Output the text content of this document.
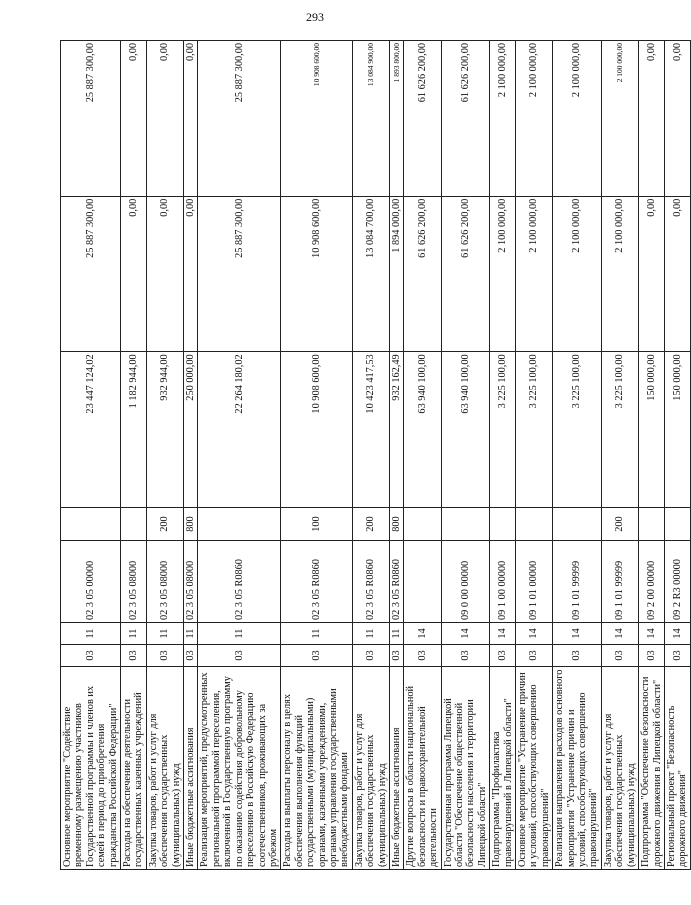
293
Основное мероприятие "Содействие временному размещению участников Государственной программы и членов их семей в период до приобретения гражданства Российской Федерации"	03	11	02 3 05 00000		23 447 124,02	25 887 300,00	25 887 300,00
Расходы на обеспечение деятельности государственных казенных учреждений	03	11	02 3 05 08000		1 182 944,00	0,00	0,00
Закупка товаров, работ и услуг для обеспечения государственных (муниципальных) нужд	03	11	02 3 05 08000	200	932 944,00	0,00	0,00
Иные бюджетные ассигнования	03	11	02 3 05 08000	800	250 000,00	0,00	0,00
Реализация мероприятий, предусмотренных региональной программой переселения, включенной в Государственную программу по оказанию содействия добровольному переселению в Российскую Федерацию соотечественников, проживающих за рубежом	03	11	02 3 05 R0860		22 264 180,02	25 887 300,00	25 887 300,00
Расходы на выплаты персоналу в целях обеспечения выполнения функций государственными (муниципальными) органами, казенными учреждениями, органами управления государственными внебюджетными фондами	03	11	02 3 05 R0860	100	10 908 600,00	10 908 600,00	10 908 600,00
Закупка товаров, работ и услуг для обеспечения государственных (муниципальных) нужд	03	11	02 3 05 R0860	200	10 423 417,53	13 084 700,00	13 084 900,00
Иные бюджетные ассигнования	03	11	02 3 05 R0860	800	932 162,49	1 894 000,00	1 893 800,00
Другие вопросы в области национальной безопасности и правоохранительной деятельности	03	14			63 940 100,00	61 626 200,00	61 626 200,00
Государственная программа Липецкой области "Обеспечение общественной безопасности населения и территории Липецкой области"	03	14	09 0 00 00000		63 940 100,00	61 626 200,00	61 626 200,00
Подпрограмма "Профилактика правонарушений в Липецкой области"	03	14	09 1 00 00000		3 225 100,00	2 100 000,00	2 100 000,00
Основное мероприятие "Устранение причин и условий, способствующих совершению правонарушений"	03	14	09 1 01 00000		3 225 100,00	2 100 000,00	2 100 000,00
Реализация направления расходов основного мероприятия "Устранение причин и условий, способствующих совершению правонарушений"	03	14	09 1 01 99999		3 225 100,00	2 100 000,00	2 100 000,00
Закупка товаров, работ и услуг для обеспечения государственных (муниципальных) нужд	03	14	09 1 01 99999	200	3 225 100,00	2 100 000,00	2 100 000,00
Подпрограмма "Обеспечение безопасности дорожного движения в Липецкой области"	03	14	09 2 00 00000		150 000,00	0,00	0,00
Региональный проект "Безопасность дорожного движения"	03	14	09 2 R3 00000		150 000,00	0,00	0,00
